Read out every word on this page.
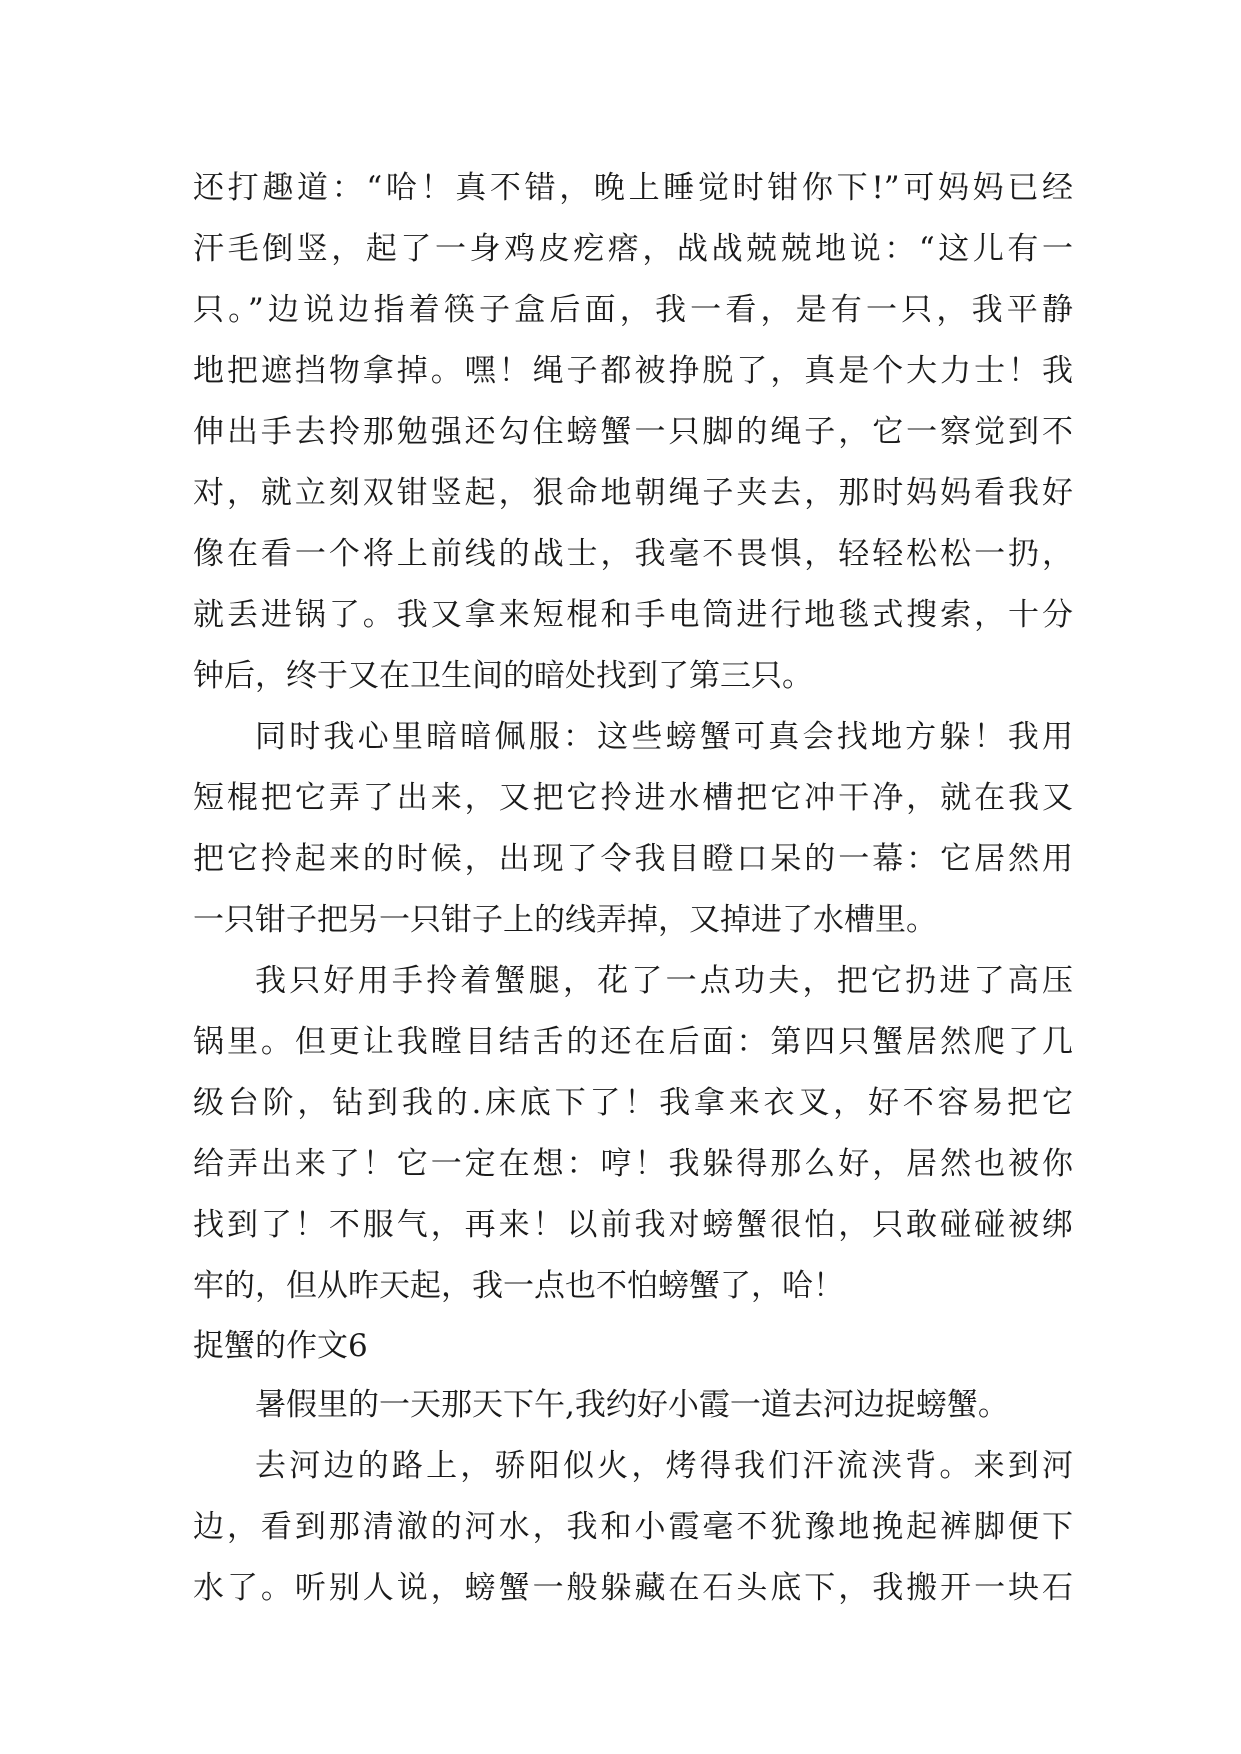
还打趣道：“哈！真不错，晚上睡觉时钳你下!”可妈妈已经
汗毛倒竖，起了一身鸡皮疙瘩，战战兢兢地说：“这儿有一
只。”边说边指着筷子盒后面，我一看，是有一只，我平静
地把遮挡物拿掉。嘿！绳子都被挣脱了，真是个大力士！我
伸出手去拎那勉强还勾住螃蟹一只脚的绳子，它一察觉到不
对，就立刻双钳竖起，狠命地朝绳子夹去，那时妈妈看我好
像在看一个将上前线的战士，我毫不畏惧，轻轻松松一扔，
就丢进锅了。我又拿来短棍和手电筒进行地毯式搜索，十分
钟后，终于又在卫生间的暗处找到了第三只。
同时我心里暗暗佩服：这些螃蟹可真会找地方躲！我用
短棍把它弄了出来，又把它拎进水槽把它冲干净，就在我又
把它拎起来的时候，出现了令我目瞪口呆的一幕：它居然用
一只钳子把另一只钳子上的线弄掉，又掉进了水槽里。
我只好用手拎着蟹腿，花了一点功夫，把它扔进了高压
锅里。但更让我瞠目结舌的还在后面：第四只蟹居然爬了几
级台阶，钻到我的.床底下了！我拿来衣叉，好不容易把它
给弄出来了！它一定在想：哼！我躲得那么好，居然也被你
找到了！不服气，再来！以前我对螃蟹很怕，只敢碰碰被绑
牢的，但从昨天起，我一点也不怕螃蟹了，哈！
捉蟹的作文6
暑假里的一天那天下午,我约好小霞一道去河边捉螃蟹。
去河边的路上，骄阳似火，烤得我们汗流浃背。来到河
边，看到那清澈的河水，我和小霞毫不犹豫地挽起裤脚便下
水了。听别人说，螃蟹一般躲藏在石头底下，我搬开一块石
